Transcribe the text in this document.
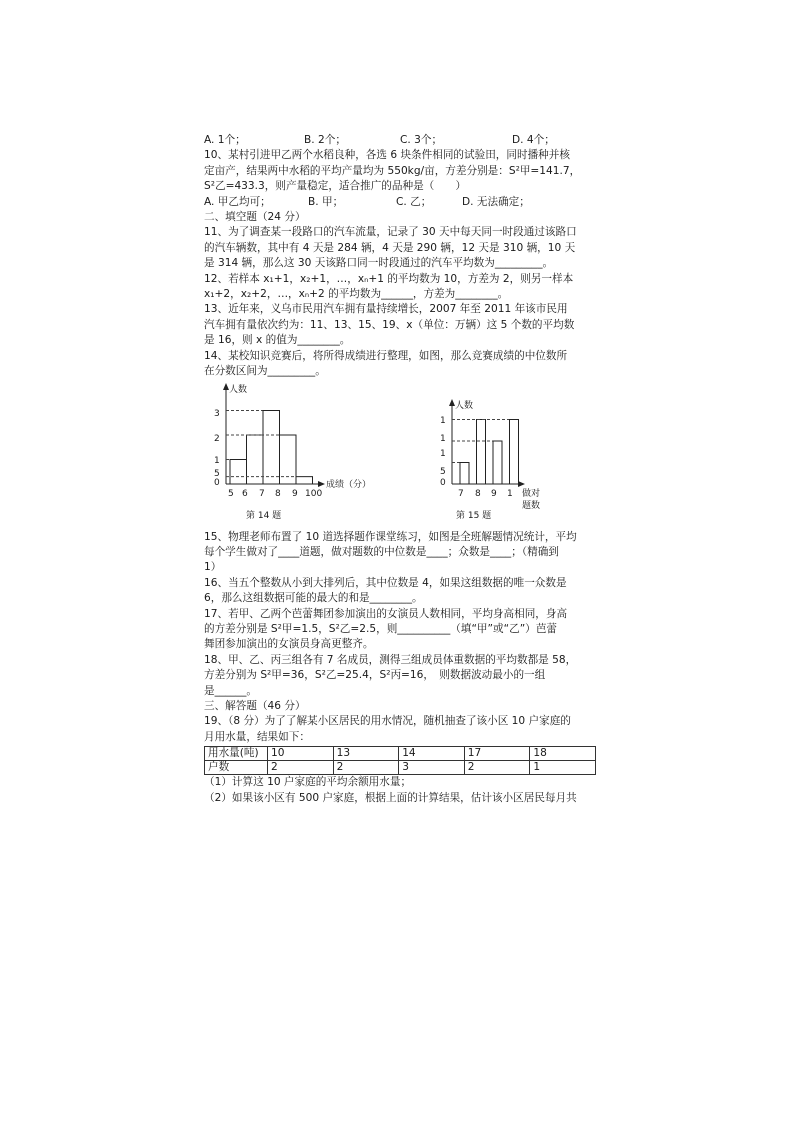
A. 1个；	B. 2个；	C. 3个；	D. 4个；
10、某村引进甲乙两个水稻良种，各选 6 块条件相同的试验田，同时播种并核
定亩产，结果两中水稻的平均产量均为 550kg/亩，方差分别是：S²甲=141.7，
S²乙=433.3，则产量稳定，适合推广的品种是（　　）
A. 甲乙均可；	B. 甲；	C. 乙；	D. 无法确定；
二、填空题（24 分）
11、为了调查某一段路口的汽车流量，记录了 30 天中每天同一时段通过该路口
的汽车辆数，其中有 4 天是 284 辆，4 天是 290 辆，12 天是 310 辆，10 天
是 314 辆，那么这 30 天该路口同一时段通过的汽车平均数为_________。
12、若样本 x₁+1，x₂+1，…，xₙ+1 的平均数为 10，方差为 2，则另一样本
x₁+2，x₂+2，…，xₙ+2 的平均数为______，方差为________。
13、近年来，义乌市民用汽车拥有量持续增长，2007 年至 2011 年该市民用
汽车拥有量依次约为：11、13、15、19、x（单位：万辆）这 5 个数的平均数
是 16，则 x 的值为________。
14、某校知识竞赛后，将所得成绩进行整理，如图，那么竞赛成绩的中位数所
在分数区间为_________。
人数
成绩（分）
0
5
1
2
3
5 6 7 8 9 100
第 14 题
人数
0
5
1
1
1
7 8 9 1 做对
题数
第 15 题
15、物理老师布置了 10 道选择题作课堂练习，如图是全班解题情况统计，平均
每个学生做对了____道题，做对题数的中位数是____；众数是____；（精确到
1）
16、当五个整数从小到大排列后，其中位数是 4，如果这组数据的唯一众数是
6，那么这组数据可能的最大的和是________。
17、若甲、乙两个芭蕾舞团参加演出的女演员人数相同，平均身高相同，身高
的方差分别是 S²甲=1.5，S²乙=2.5，则__________（填“甲”或“乙”）芭蕾
舞团参加演出的女演员身高更整齐。
18、甲、乙、丙三组各有 7 名成员，测得三组成员体重数据的平均数都是 58，
方差分别为 S²甲=36，S²乙=25.4，S²丙=16，　则数据波动最小的一组
是______。
三、解答题（46 分）
19、（8 分）为了了解某小区居民的用水情况，随机抽查了该小区 10 户家庭的
月用水量，结果如下：
用水量(吨)	10	13	14	17	18
户数	2	2	3	2	1
（1）计算这 10 户家庭的平均余额用水量；
（2）如果该小区有 500 户家庭，根据上面的计算结果，估计该小区居民每月共
